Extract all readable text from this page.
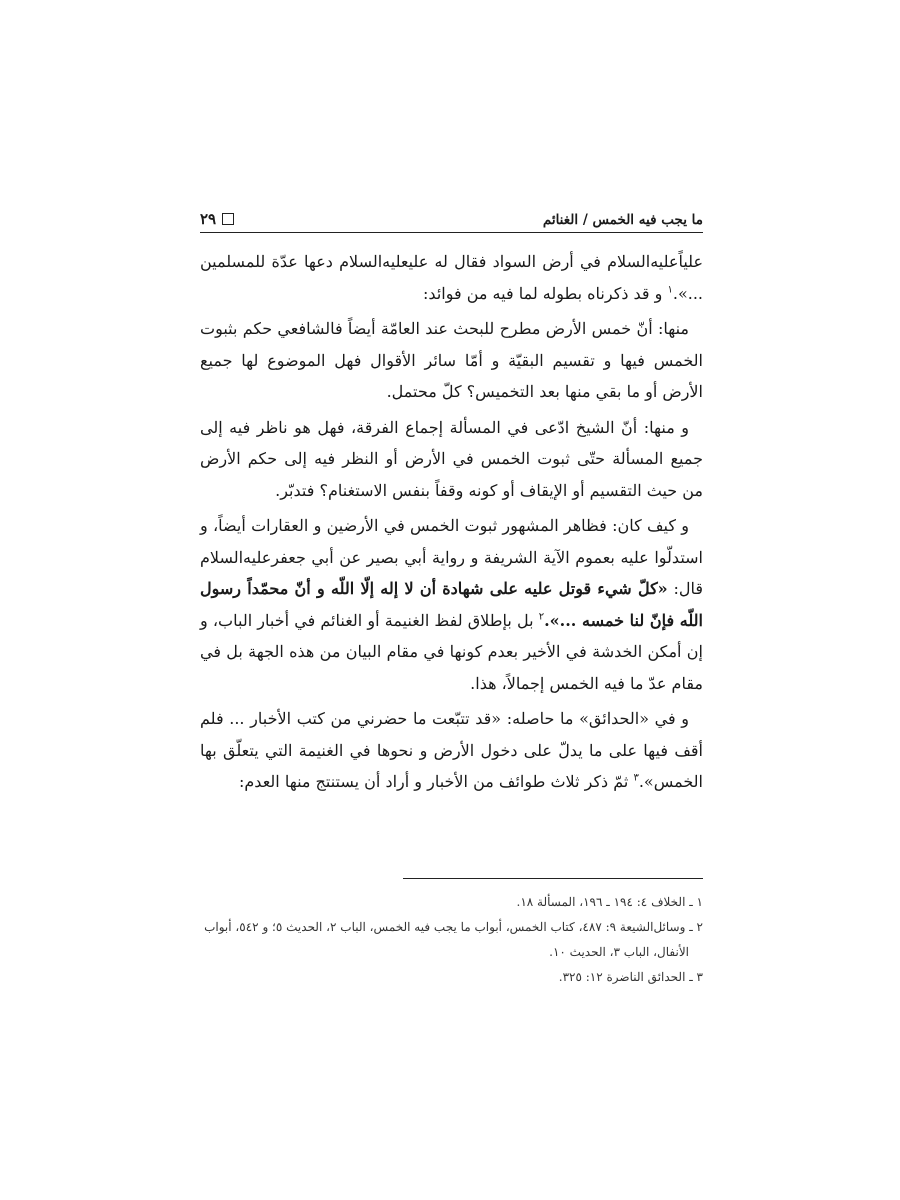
٢٩	ما يجب فيه الخمس / الغنائم

علياًعليه‌السلام في أرض السواد فقال له عليعليه‌السلام دعها عدّة للمسلمين ...».$^١$ و قد ذكرناه بطوله لما فيه من فوائد:

منها: أنّ خمس الأرض مطرح للبحث عند العامّة أيضاً فالشافعي حكم بثبوت الخمس فيها و تقسيم البقيّة و أمّا سائر الأقوال فهل الموضوع لها جميع الأرض أو ما بقي منها بعد التخميس؟ كلّ محتمل.

و منها: أنّ الشيخ ادّعى في المسألة إجماع الفرقة، فهل هو ناظر فيه إلى جميع المسألة حتّى ثبوت الخمس في الأرض أو النظر فيه إلى حكم الأرض من حيث التقسيم أو الإيقاف أو كونه وقفاً بنفس الاستغنام؟ فتدبّر.

و كيف كان: فظاهر المشهور ثبوت الخمس في الأرضين و العقارات أيضاً، و استدلّوا عليه بعموم الآية الشريفة و رواية أبي بصير عن أبي جعفرعليه‌السلام قال: «كلّ شيء قوتل عليه على شهادة أن لا إله إلّا اللّه و أنّ محمّداً رسول اللّه فإنّ لنا خمسه ...».$^٢$ بل بإطلاق لفظ الغنيمة أو الغنائم في أخبار الباب، و إن أمكن الخدشة في الأخير بعدم كونها في مقام البيان من هذه الجهة بل في مقام عدّ ما فيه الخمس إجمالاً، هذا.

و في «الحدائق» ما حاصله: «قد تتبّعت ما حضرني من كتب الأخبار ... فلم أقف فيها على ما يدلّ على دخول الأرض و نحوها في الغنيمة التي يتعلّق بها الخمس».$^٣$ ثمّ ذكر ثلاث طوائف من الأخبار و أراد أن يستنتج منها العدم:

١ ـ الخلاف ٤: ١٩٤ ـ ١٩٦، المسألة ١٨.

٢ ـ وسائل‌الشيعة ٩: ٤٨٧، كتاب الخمس، أبواب ما يجب فيه الخمس، الباب ٢، الحديث ٥؛ و ٥٤٢، أبواب

الأنفال، الباب ٣، الحديث ١٠.

٣ ـ الحدائق الناضرة ١٢: ٣٢٥.
